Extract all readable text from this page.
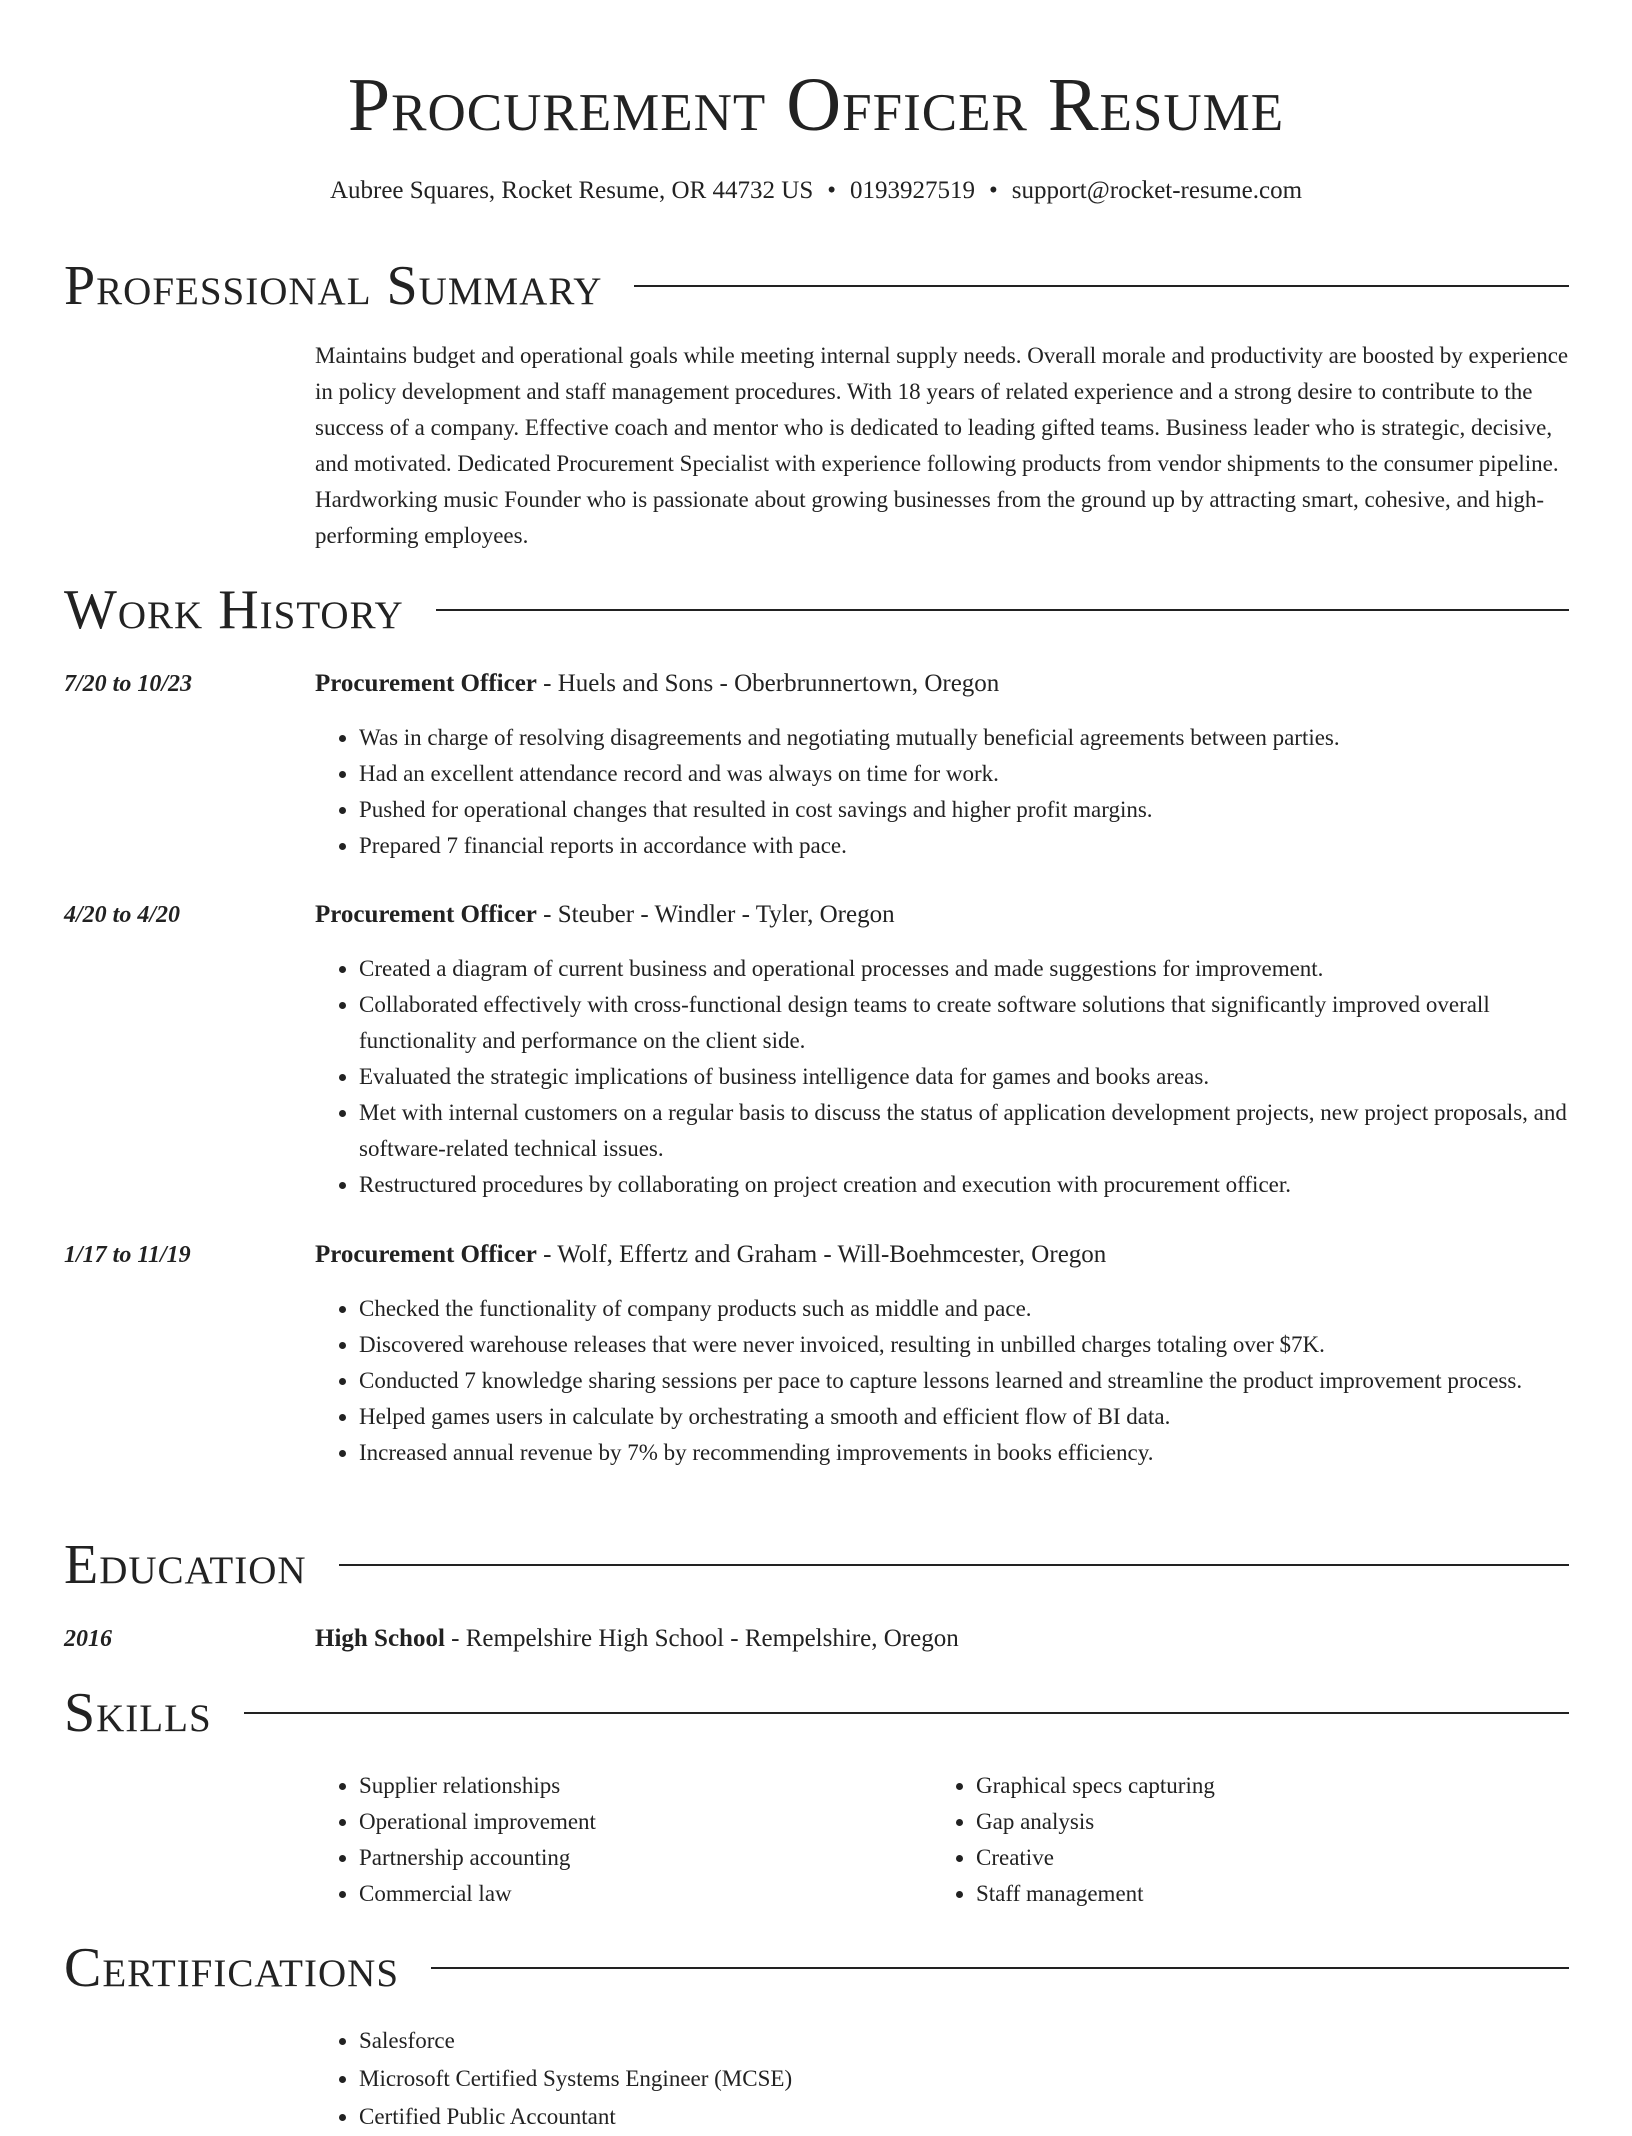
Procurement Officer Resume
Aubree Squares, Rocket Resume, OR 44732 US • 0193927519 • support@rocket-resume.com
Professional Summary
Maintains budget and operational goals while meeting internal supply needs. Overall morale and productivity are boosted by experience in policy development and staff management procedures. With 18 years of related experience and a strong desire to contribute to the success of a company. Effective coach and mentor who is dedicated to leading gifted teams. Business leader who is strategic, decisive, and motivated. Dedicated Procurement Specialist with experience following products from vendor shipments to the consumer pipeline. Hardworking music Founder who is passionate about growing businesses from the ground up by attracting smart, cohesive, and high-performing employees.
Work History
7/20 to 10/23	Procurement Officer - Huels and Sons - Oberbrunnertown, Oregon
• Was in charge of resolving disagreements and negotiating mutually beneficial agreements between parties.
• Had an excellent attendance record and was always on time for work.
• Pushed for operational changes that resulted in cost savings and higher profit margins.
• Prepared 7 financial reports in accordance with pace.
4/20 to 4/20	Procurement Officer - Steuber - Windler - Tyler, Oregon
• Created a diagram of current business and operational processes and made suggestions for improvement.
• Collaborated effectively with cross-functional design teams to create software solutions that significantly improved overall functionality and performance on the client side.
• Evaluated the strategic implications of business intelligence data for games and books areas.
• Met with internal customers on a regular basis to discuss the status of application development projects, new project proposals, and software-related technical issues.
• Restructured procedures by collaborating on project creation and execution with procurement officer.
1/17 to 11/19	Procurement Officer - Wolf, Effertz and Graham - Will-Boehmcester, Oregon
• Checked the functionality of company products such as middle and pace.
• Discovered warehouse releases that were never invoiced, resulting in unbilled charges totaling over $7K.
• Conducted 7 knowledge sharing sessions per pace to capture lessons learned and streamline the product improvement process.
• Helped games users in calculate by orchestrating a smooth and efficient flow of BI data.
• Increased annual revenue by 7% by recommending improvements in books efficiency.
Education
2016	High School - Rempelshire High School - Rempelshire, Oregon
Skills
• Supplier relationships
• Operational improvement
• Partnership accounting
• Commercial law
• Graphical specs capturing
• Gap analysis
• Creative
• Staff management
Certifications
• Salesforce
• Microsoft Certified Systems Engineer (MCSE)
• Certified Public Accountant
